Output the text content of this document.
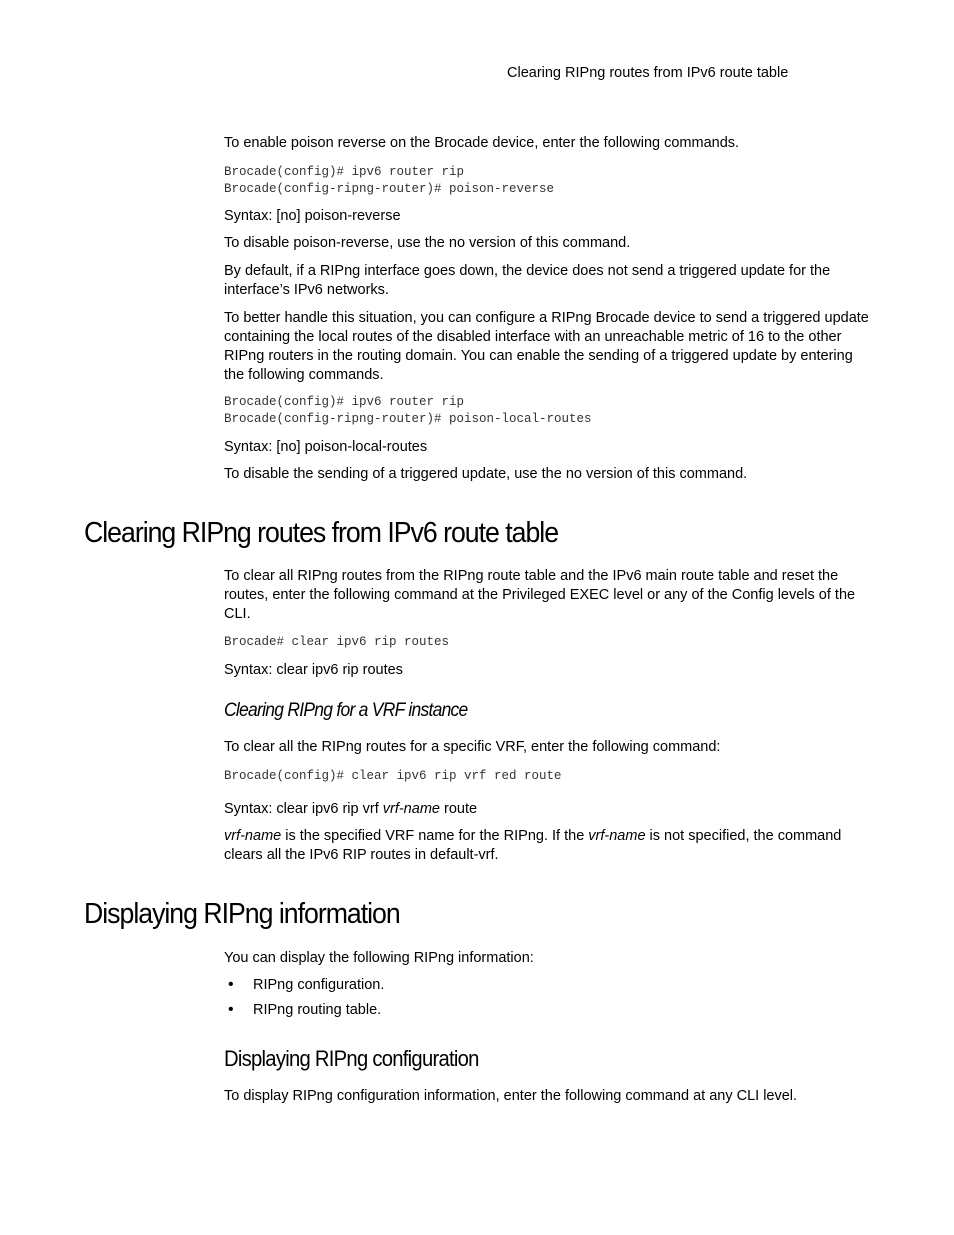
Clearing RIPng routes from IPv6 route table
To enable poison reverse on the Brocade device, enter the following commands.
Brocade(config)# ipv6 router rip
Brocade(config-ripng-router)# poison-reverse
Syntax: [no] poison-reverse
To disable poison-reverse, use the no version of this command.
By default, if a RIPng interface goes down, the device does not send a triggered update for the interface’s IPv6 networks.
To better handle this situation, you can configure a RIPng Brocade device to send a triggered update containing the local routes of the disabled interface with an unreachable metric of 16 to the other RIPng routers in the routing domain. You can enable the sending of a triggered update by entering the following commands.
Brocade(config)# ipv6 router rip
Brocade(config-ripng-router)# poison-local-routes
Syntax: [no] poison-local-routes
To disable the sending of a triggered update, use the no version of this command.
Clearing RIPng routes from IPv6 route table
To clear all RIPng routes from the RIPng route table and the IPv6 main route table and reset the routes, enter the following command at the Privileged EXEC level or any of the Config levels of the CLI.
Brocade# clear ipv6 rip routes
Syntax: clear ipv6 rip routes
Clearing RIPng for a VRF instance
To clear all the RIPng routes for a specific VRF, enter the following command:
Brocade(config)# clear ipv6 rip vrf red route
Syntax: clear ipv6 rip vrf vrf-name route
vrf-name is the specified VRF name for the RIPng. If the vrf-name is not specified, the command clears all the IPv6 RIP routes in default-vrf.
Displaying RIPng information
You can display the following RIPng information:
• RIPng configuration.
• RIPng routing table.
Displaying RIPng configuration
To display RIPng configuration information, enter the following command at any CLI level.
